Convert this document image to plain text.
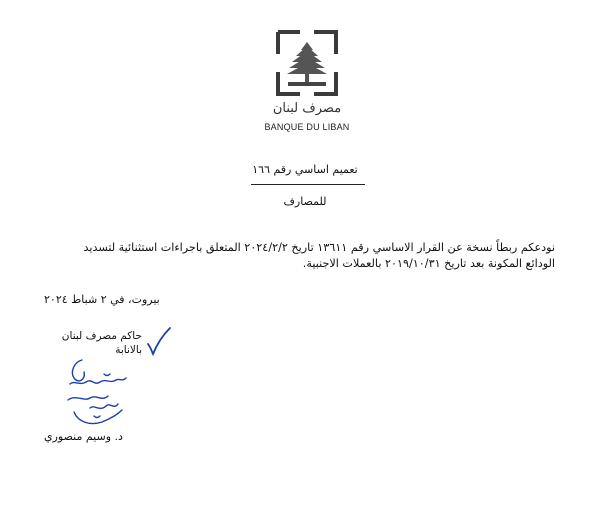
مصرف لبنان
BANQUE DU LIBAN
تعميم اساسي رقم ١٦٦
للمصارف

نودعكم ربطاً نسخة عن القرار الاساسي رقم ١٣٦١١ تاريخ ٢٠٢٤/٢/٢ المتعلق باجراءات استثنائية لتسديد

الودائع المكونة بعد تاريخ ٢٠١٩/١٠/٣١ بالعملات الاجنبية.

بيروت، في ٢ شباط ٢٠٢٤
حاكم مصرف لبنان
بالانابة
د. وسيم منصوري
